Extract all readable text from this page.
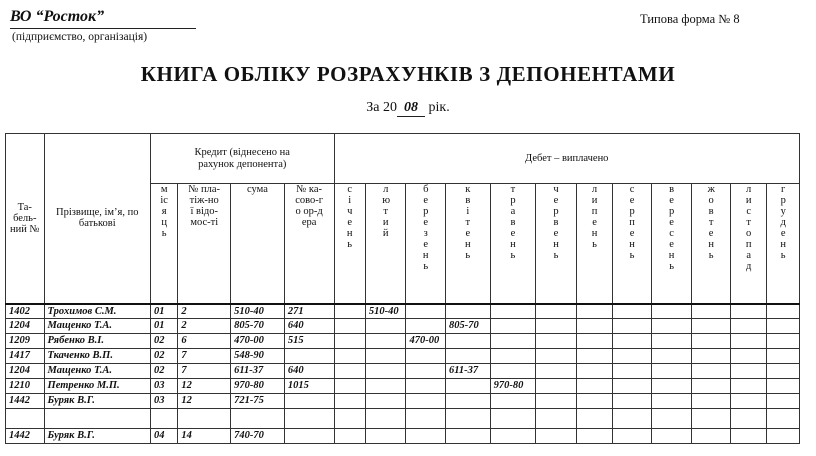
ВО “Росток”
(підприємство, організація)
Типова форма № 8
КНИГА ОБЛІКУ РОЗРАХУНКІВ З ДЕПОНЕНТАМИ
За 20 08 рік.
Та-бель-ний №	Прізвище, ім’я, по батькові	Кредит (віднесено на рахунок депонента)				Дебет – виплачено											
		місяць	№ пла-тіж-ної відо-мос-ті	сума	№ ка-сово-го ор-дера	січень	лютий	березень	квітень	травень	червень	липень	серпень	вересень	жовтень	листопад	грудень
1402	Трохимов С.М.	01	2	510-40	271		510-40										
1204	Мащенко Т.А.	01	2	805-70	640				805-70								
1209	Рябенко В.І.	02	6	470-00	515			470-00									
1417	Ткаченко В.П.	02	7	548-90													
1204	Мащенко Т.А.	02	7	611-37	640				611-37								
1210	Петренко М.П.	03	12	970-80	1015					970-80							
1442	Буряк В.Г.	03	12	721-75													

1442	Буряк В.Г.	04	14	740-70													
